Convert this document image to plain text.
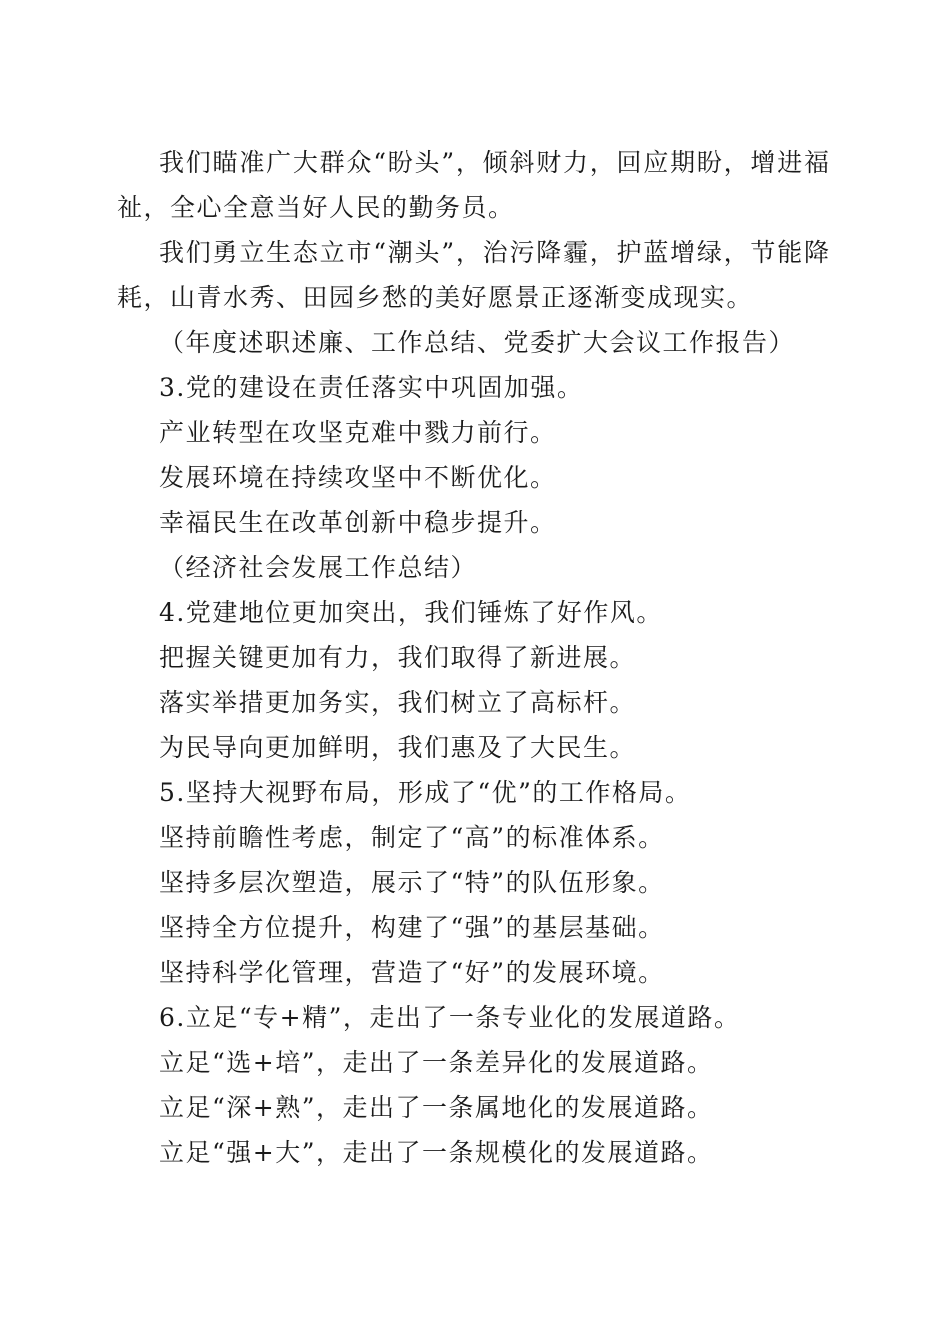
我们瞄准广大群众“盼头”，倾斜财力，回应期盼，增进福
祉，全心全意当好人民的勤务员。
我们勇立生态立市“潮头”，治污降霾，护蓝增绿，节能降
耗，山青水秀、田园乡愁的美好愿景正逐渐变成现实。
（年度述职述廉、工作总结、党委扩大会议工作报告）
3.党的建设在责任落实中巩固加强。
产业转型在攻坚克难中戮力前行。
发展环境在持续攻坚中不断优化。
幸福民生在改革创新中稳步提升。
（经济社会发展工作总结）
4.党建地位更加突出，我们锤炼了好作风。
把握关键更加有力，我们取得了新进展。
落实举措更加务实，我们树立了高标杆。
为民导向更加鲜明，我们惠及了大民生。
5.坚持大视野布局，形成了“优”的工作格局。
坚持前瞻性考虑，制定了“高”的标准体系。
坚持多层次塑造，展示了“特”的队伍形象。
坚持全方位提升，构建了“强”的基层基础。
坚持科学化管理，营造了“好”的发展环境。
6.立足“专+精”，走出了一条专业化的发展道路。
立足“选+培”，走出了一条差异化的发展道路。
立足“深+熟”，走出了一条属地化的发展道路。
立足“强+大”，走出了一条规模化的发展道路。
